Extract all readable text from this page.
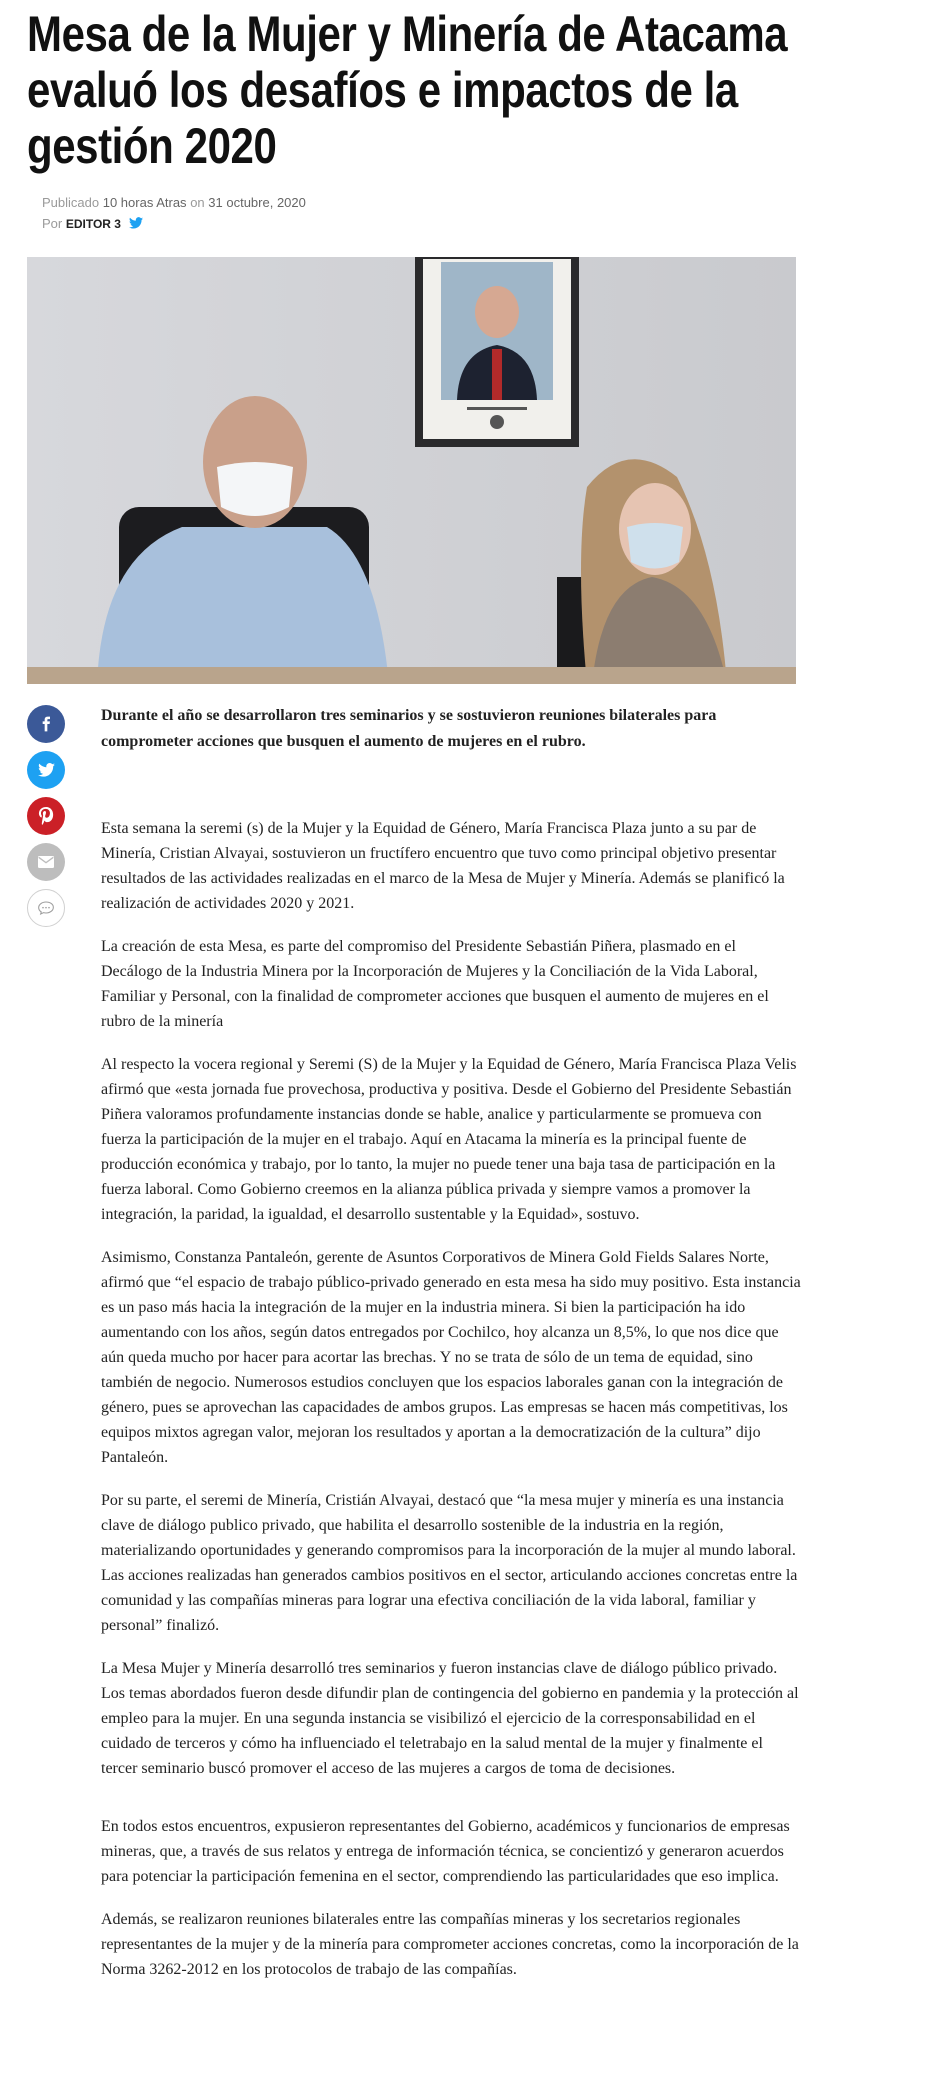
Mesa de la Mujer y Minería de Atacama evaluó los desafíos e impactos de la gestión 2020
Publicado 10 horas Atras on 31 octubre, 2020
Por EDITOR 3

Durante el año se desarrollaron tres seminarios y se sostuvieron reuniones bilaterales para comprometer acciones que busquen el aumento de mujeres en el rubro.

Esta semana la seremi (s) de la Mujer y la Equidad de Género, María Francisca Plaza junto a su par de Minería, Cristian Alvayai, sostuvieron un fructífero encuentro que tuvo como principal objetivo presentar resultados de las actividades realizadas en el marco de la Mesa de Mujer y Minería. Además se planificó la realización de actividades 2020 y 2021.

La creación de esta Mesa, es parte del compromiso del Presidente Sebastián Piñera, plasmado en el Decálogo de la Industria Minera por la Incorporación de Mujeres y la Conciliación de la Vida Laboral, Familiar y Personal, con la finalidad de comprometer acciones que busquen el aumento de mujeres en el rubro de la minería

Al respecto la vocera regional y Seremi (S) de la Mujer y la Equidad de Género, María Francisca Plaza Velis afirmó que «esta jornada fue provechosa, productiva y positiva. Desde el Gobierno del Presidente Sebastián Piñera valoramos profundamente instancias donde se hable, analice y particularmente se promueva con fuerza la participación de la mujer en el trabajo. Aquí en Atacama la minería es la principal fuente de producción económica y trabajo, por lo tanto, la mujer no puede tener una baja tasa de participación en la fuerza laboral. Como Gobierno creemos en la alianza pública privada y siempre vamos a promover la integración, la paridad, la igualdad, el desarrollo sustentable y la Equidad», sostuvo.

Asimismo, Constanza Pantaleón, gerente de Asuntos Corporativos de Minera Gold Fields Salares Norte, afirmó que “el espacio de trabajo público-privado generado en esta mesa ha sido muy positivo. Esta instancia es un paso más hacia la integración de la mujer en la industria minera. Si bien la participación ha ido aumentando con los años, según datos entregados por Cochilco, hoy alcanza un 8,5%, lo que nos dice que aún queda mucho por hacer para acortar las brechas. Y no se trata de sólo de un tema de equidad, sino también de negocio. Numerosos estudios concluyen que los espacios laborales ganan con la integración de género, pues se aprovechan las capacidades de ambos grupos. Las empresas se hacen más competitivas, los equipos mixtos agregan valor, mejoran los resultados y aportan a la democratización de la cultura” dijo Pantaleón.

Por su parte, el seremi de Minería, Cristián Alvayai, destacó que “la mesa mujer y minería es una instancia clave de diálogo publico privado, que habilita el desarrollo sostenible de la industria en la región, materializando oportunidades y generando compromisos para la incorporación de la mujer al mundo laboral. Las acciones realizadas han generados cambios positivos en el sector, articulando acciones concretas entre la comunidad y las compañías mineras para lograr una efectiva conciliación de la vida laboral, familiar y personal” finalizó.

La Mesa Mujer y Minería desarrolló tres seminarios y fueron instancias clave de diálogo público privado. Los temas abordados fueron desde difundir plan de contingencia del gobierno en pandemia y la protección al empleo para la mujer. En una segunda instancia se visibilizó el ejercicio de la corresponsabilidad en el cuidado de terceros y cómo ha influenciado el teletrabajo en la salud mental de la mujer y finalmente el tercer seminario buscó promover el acceso de las mujeres a cargos de toma de decisiones.

En todos estos encuentros, expusieron representantes del Gobierno, académicos y funcionarios de empresas mineras, que, a través de sus relatos y entrega de información técnica, se concientizó y generaron acuerdos para potenciar la participación femenina en el sector, comprendiendo las particularidades que eso implica.

Además, se realizaron reuniones bilaterales entre las compañías mineras y los secretarios regionales representantes de la mujer y de la minería para comprometer acciones concretas, como la incorporación de la Norma 3262-2012 en los protocolos de trabajo de las compañías.
